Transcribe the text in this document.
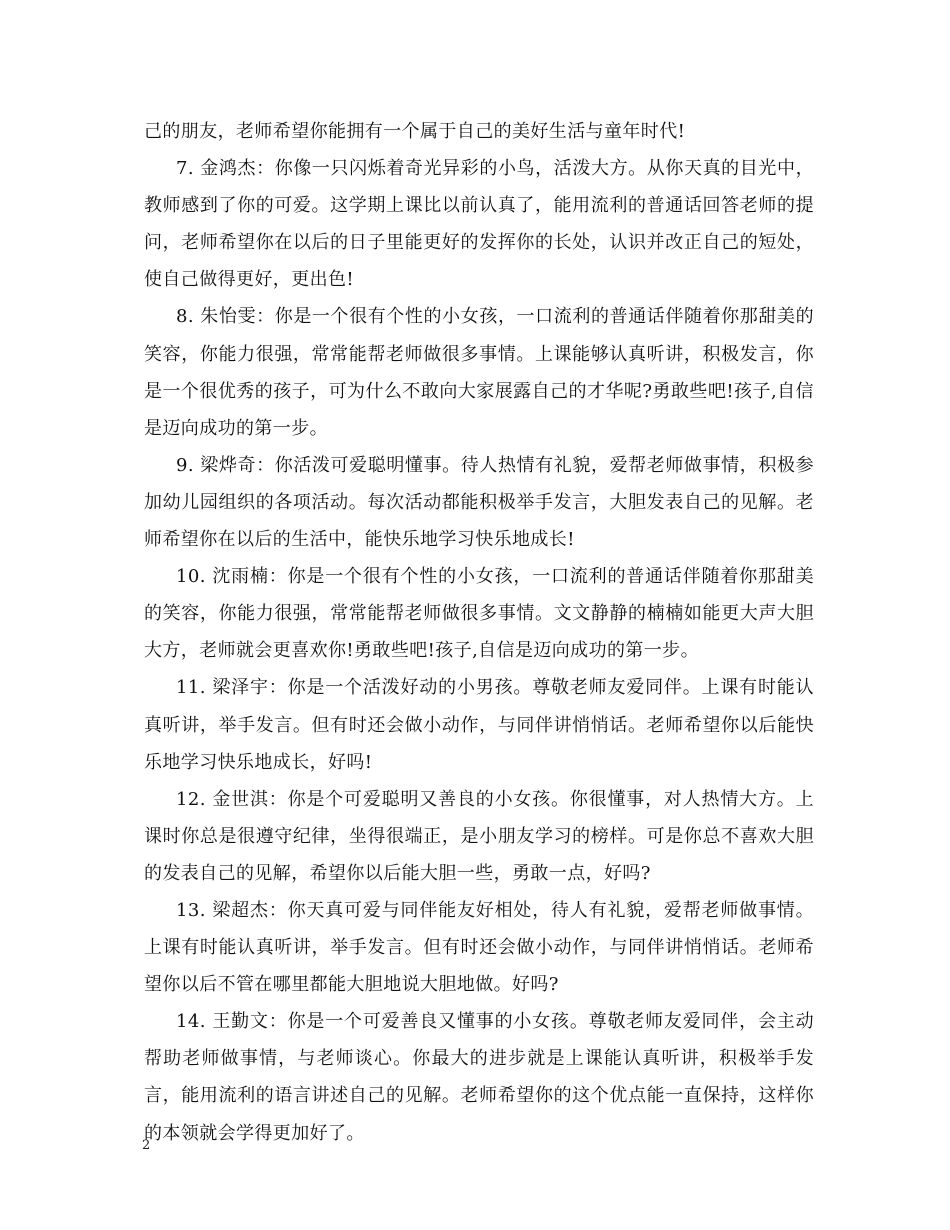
己的朋友，老师希望你能拥有一个属于自己的美好生活与童年时代!

7. 金鸿杰：你像一只闪烁着奇光异彩的小鸟，活泼大方。从你天真的目光中，教师感到了你的可爱。这学期上课比以前认真了，能用流利的普通话回答老师的提问，老师希望你在以后的日子里能更好的发挥你的长处，认识并改正自己的短处，使自己做得更好，更出色!

8. 朱怡雯：你是一个很有个性的小女孩，一口流利的普通话伴随着你那甜美的笑容，你能力很强，常常能帮老师做很多事情。上课能够认真听讲，积极发言，你是一个很优秀的孩子，可为什么不敢向大家展露自己的才华呢?勇敢些吧!孩子,自信是迈向成功的第一步。

9. 梁烨奇：你活泼可爱聪明懂事。待人热情有礼貌，爱帮老师做事情，积极参加幼儿园组织的各项活动。每次活动都能积极举手发言，大胆发表自己的见解。老师希望你在以后的生活中，能快乐地学习快乐地成长!

10. 沈雨楠：你是一个很有个性的小女孩，一口流利的普通话伴随着你那甜美的笑容，你能力很强，常常能帮老师做很多事情。文文静静的楠楠如能更大声大胆大方，老师就会更喜欢你!勇敢些吧!孩子,自信是迈向成功的第一步。

11. 梁泽宇：你是一个活泼好动的小男孩。尊敬老师友爱同伴。上课有时能认真听讲，举手发言。但有时还会做小动作，与同伴讲悄悄话。老师希望你以后能快乐地学习快乐地成长，好吗!

12. 金世淇：你是个可爱聪明又善良的小女孩。你很懂事，对人热情大方。上课时你总是很遵守纪律，坐得很端正，是小朋友学习的榜样。可是你总不喜欢大胆的发表自己的见解，希望你以后能大胆一些，勇敢一点，好吗?

13. 梁超杰：你天真可爱与同伴能友好相处，待人有礼貌，爱帮老师做事情。上课有时能认真听讲，举手发言。但有时还会做小动作，与同伴讲悄悄话。老师希望你以后不管在哪里都能大胆地说大胆地做。好吗?

14. 王勤文：你是一个可爱善良又懂事的小女孩。尊敬老师友爱同伴，会主动帮助老师做事情，与老师谈心。你最大的进步就是上课能认真听讲，积极举手发言，能用流利的语言讲述自己的见解。老师希望你的这个优点能一直保持，这样你的本领就会学得更加好了。

2
